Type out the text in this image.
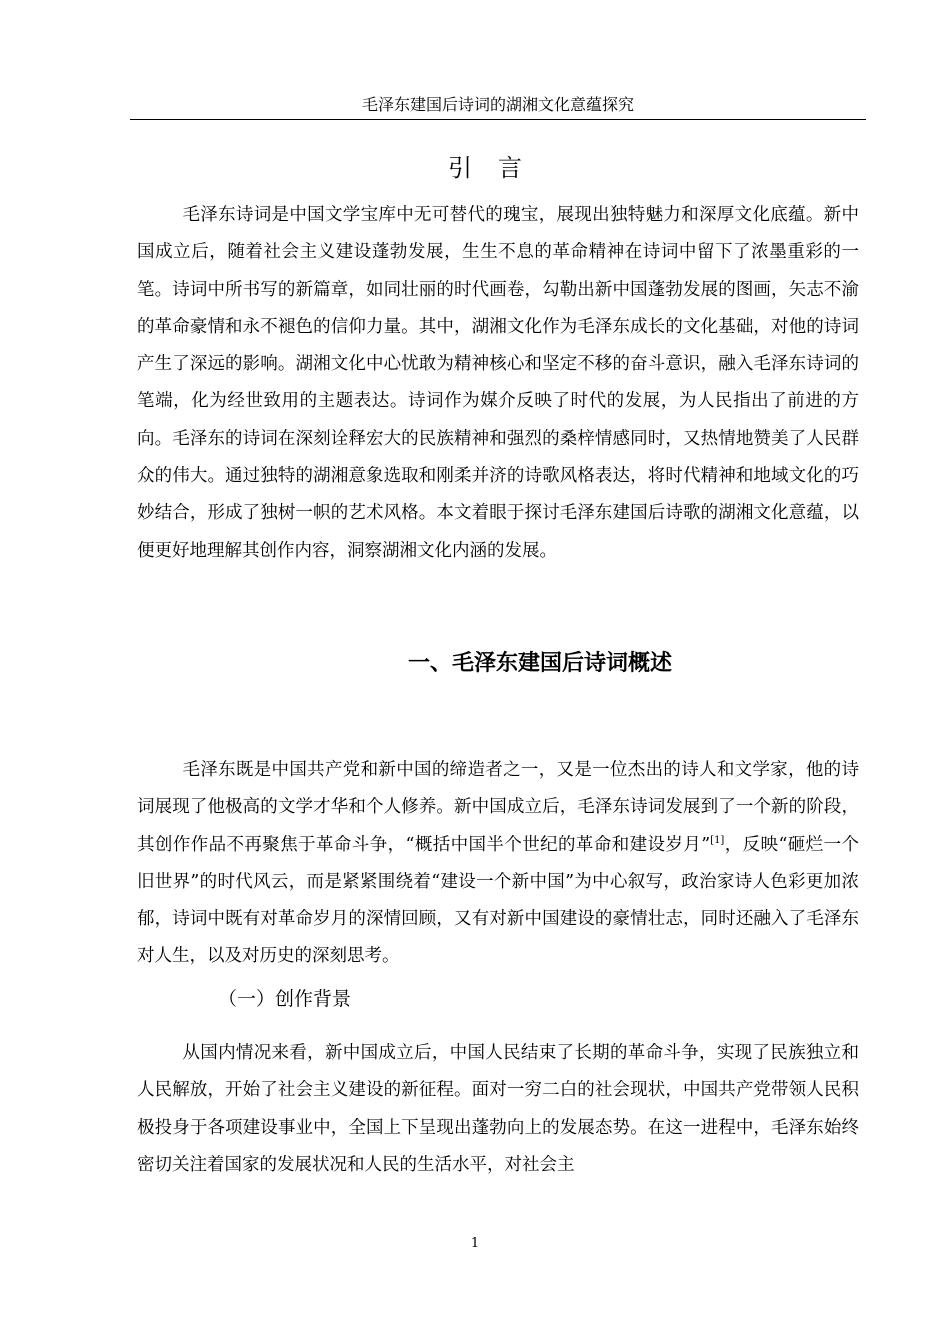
毛泽东建国后诗词的湖湘文化意蕴探究
引言

毛泽东诗词是中国文学宝库中无可替代的瑰宝，展现出独特魅力和深厚文化底蕴。新中国成立后，随着社会主义建设蓬勃发展，生生不息的革命精神在诗词中留下了浓墨重彩的一笔。诗词中所书写的新篇章，如同壮丽的时代画卷，勾勒出新中国蓬勃发展的图画，矢志不渝的革命豪情和永不褪色的信仰力量。其中，湖湘文化作为毛泽东成长的文化基础，对他的诗词产生了深远的影响。湖湘文化中心忧敢为精神核心和坚定不移的奋斗意识，融入毛泽东诗词的笔端，化为经世致用的主题表达。诗词作为媒介反映了时代的发展，为人民指出了前进的方向。毛泽东的诗词在深刻诠释宏大的民族精神和强烈的桑梓情感同时，又热情地赞美了人民群众的伟大。通过独特的湖湘意象选取和刚柔并济的诗歌风格表达，将时代精神和地域文化的巧妙结合，形成了独树一帜的艺术风格。本文着眼于探讨毛泽东建国后诗歌的湖湘文化意蕴，以便更好地理解其创作内容，洞察湖湘文化内涵的发展。

一、毛泽东建国后诗词概述

毛泽东既是中国共产党和新中国的缔造者之一，又是一位杰出的诗人和文学家，他的诗词展现了他极高的文学才华和个人修养。新中国成立后，毛泽东诗词发展到了一个新的阶段，其创作作品不再聚焦于革命斗争，“概括中国半个世纪的革命和建设岁月”[1]，反映“砸烂一个旧世界”的时代风云，而是紧紧围绕着“建设一个新中国”为中心叙写，政治家诗人色彩更加浓郁，诗词中既有对革命岁月的深情回顾，又有对新中国建设的豪情壮志，同时还融入了毛泽东对人生，以及对历史的深刻思考。

（一）创作背景

从国内情况来看，新中国成立后，中国人民结束了长期的革命斗争，实现了民族独立和人民解放，开始了社会主义建设的新征程。面对一穷二白的社会现状，中国共产党带领人民积极投身于各项建设事业中，全国上下呈现出蓬勃向上的发展态势。在这一进程中，毛泽东始终密切关注着国家的发展状况和人民的生活水平，对社会主

1
